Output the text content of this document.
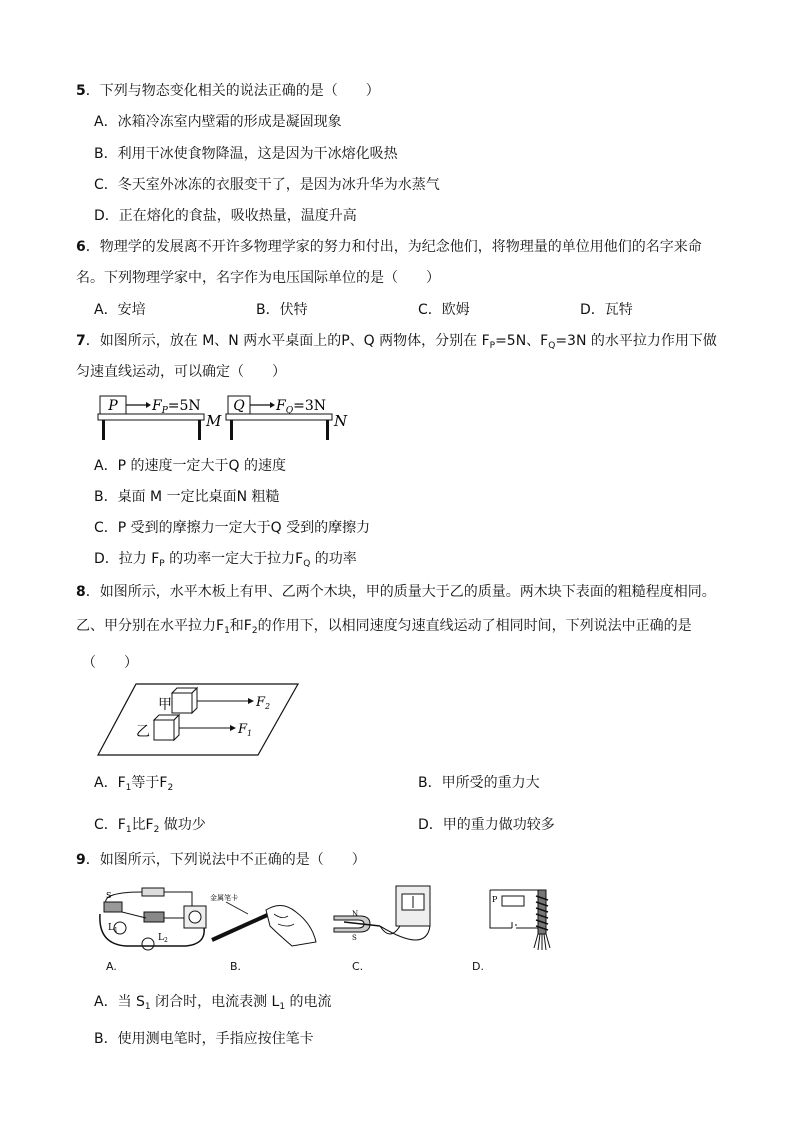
5．下列与物态变化相关的说法正确的是（　　）
A．冰箱冷冻室内壁霜的形成是凝固现象
B．利用干冰使食物降温，这是因为干冰熔化吸热
C．冬天室外冰冻的衣服变干了，是因为冰升华为水蒸气
D．正在熔化的食盐，吸收热量，温度升高
6．物理学的发展离不开许多物理学家的努力和付出，为纪念他们，将物理量的单位用他们的名字来命
名。下列物理学家中，名字作为电压国际单位的是（　　）
A．安培	B．伏特	C．欧姆	D．瓦特
7．如图所示，放在 M、N 两水平桌面上的P、Q 两物体，分别在 $F_P=5N$、$F_Q=3N$ 的水平拉力作用下做
匀速直线运动，可以确定（　　）
P $F_P=5N$
M
Q $F_Q=3N$
N
A．P 的速度一定大于Q 的速度
B．桌面 M 一定比桌面N 粗糙
C．P 受到的摩擦力一定大于Q 受到的摩擦力
D．拉力 $F_P$ 的功率一定大于拉力$F_Q$ 的功率
8．如图所示，水平木板上有甲、乙两个木块，甲的质量大于乙的质量。两木块下表面的粗糙程度相同。
乙、甲分别在水平拉力$F_1$和$F_2$的作用下，以相同速度匀速直线运动了相同时间，下列说法中正确的是
（　　）
甲	$F_2$
乙	$F_1$
A．$F_1$等于$F_2$	B．甲所受的重力大
C．$F_1$比$F_2$ 做功少	D．甲的重力做功较多
9．如图所示，下列说法中不正确的是（　　）
S
$L_1$
$L_2$
A.
金属笔卡
B.
N
S
C.
P
D.
A．当 $S_1$ 闭合时，电流表测 $L_1$ 的电流
B．使用测电笔时，手指应按住笔卡
